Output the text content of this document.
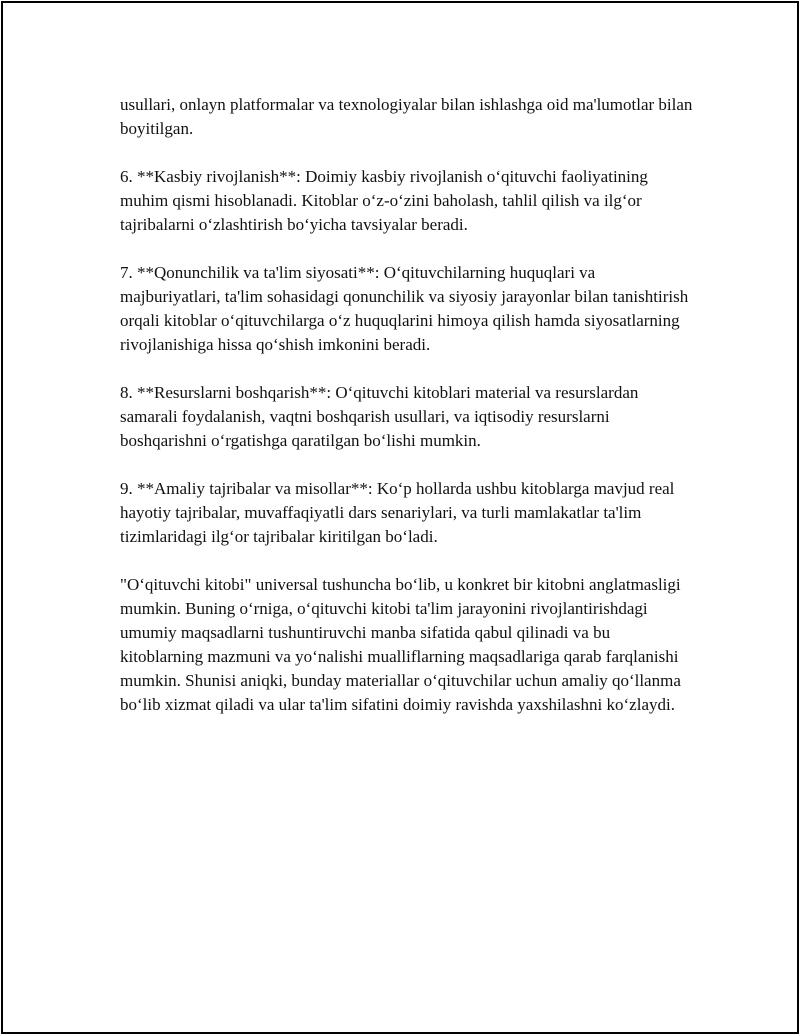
usullari, onlayn platformalar va texnologiyalar bilan ishlashga oid ma'lumotlar bilan boyitilgan.

6. **Kasbiy rivojlanish**: Doimiy kasbiy rivojlanish o‘qituvchi faoliyatining muhim qismi hisoblanadi. Kitoblar o‘z-o‘zini baholash, tahlil qilish va ilg‘or tajribalarni o‘zlashtirish bo‘yicha tavsiyalar beradi.

7. **Qonunchilik va ta'lim siyosati**: O‘qituvchilarning huquqlari va majburiyatlari, ta'lim sohasidagi qonunchilik va siyosiy jarayonlar bilan tanishtirish orqali kitoblar o‘qituvchilarga o‘z huquqlarini himoya qilish hamda siyosatlarning rivojlanishiga hissa qo‘shish imkonini beradi.

8. **Resurslarni boshqarish**: O‘qituvchi kitoblari material va resurslardan samarali foydalanish, vaqtni boshqarish usullari, va iqtisodiy resurslarni boshqarishni o‘rgatishga qaratilgan bo‘lishi mumkin.

9. **Amaliy tajribalar va misollar**: Ko‘p hollarda ushbu kitoblarga mavjud real hayotiy tajribalar, muvaffaqiyatli dars senariylari, va turli mamlakatlar ta'lim tizimlaridagi ilg‘or tajribalar kiritilgan bo‘ladi.

"O‘qituvchi kitobi" universal tushuncha bo‘lib, u konkret bir kitobni anglatmasligi mumkin. Buning o‘rniga, o‘qituvchi kitobi ta'lim jarayonini rivojlantirishdagi umumiy maqsadlarni tushuntiruvchi manba sifatida qabul qilinadi va bu kitoblarning mazmuni va yo‘nalishi mualliflarning maqsadlariga qarab farqlanishi mumkin. Shunisi aniqki, bunday materiallar o‘qituvchilar uchun amaliy qo‘llanma bo‘lib xizmat qiladi va ular ta'lim sifatini doimiy ravishda yaxshilashni ko‘zlaydi.
